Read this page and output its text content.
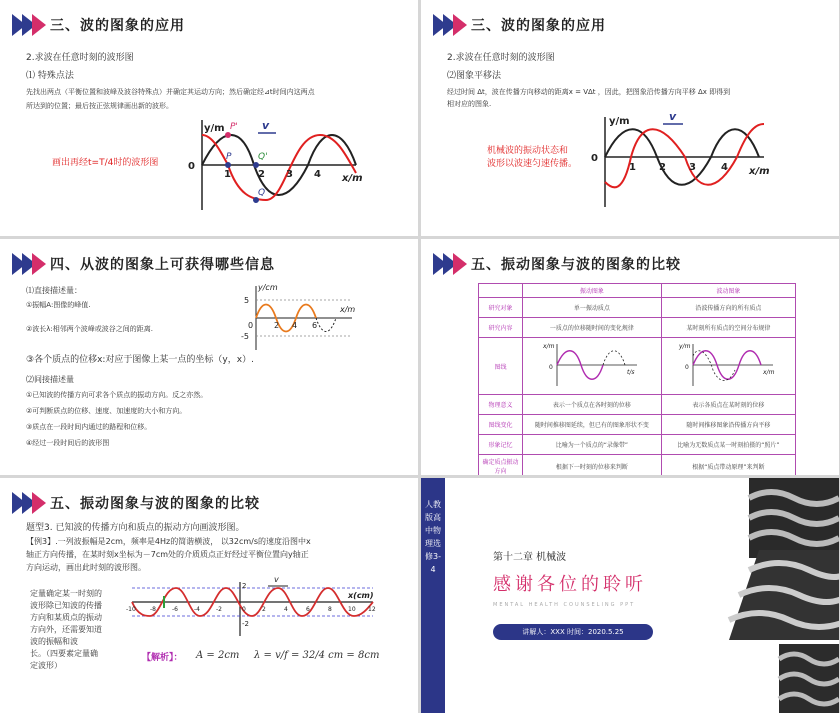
三、波的图象的应用
2.求波在任意时刻的波形图
⑴ 特殊点法
先找出两点（平衡位置和波峰及波谷特殊点）并确定其运动方向；然后确定经⊿t时间内这两点
所达到的位置；最后按正弦规律画出新的波形。
画出再经t=T/4时的波形图
y/m
x/m
v
P'
P	Q'
Q
0
1	2 3 4
三、波的图象的应用
2.求波在任意时刻的波形图
⑵图象平移法
经过时间 Δt，波在传播方向移动的距离x = VΔt ，因此，把图象沿传播方向平移 Δx 即得到
相对应的图象.
机械波的振动状态和
波形以波速匀速传播。
y/m
x/m
v
0
1 2 3	4
四、从波的图象上可获得哪些信息
⑴直接描述量：
①振幅A:图像的峰值.
②波长λ:相邻两个波峰或波谷之间的距离.
③各个质点的位移x:对应于图像上某一点的坐标（y，x）.
⑵间接描述量
①已知波的传播方向可求各个质点的振动方向。反之亦然。
②可判断质点的位移、速度、加速度的大小和方向。
③质点在一段时间内通过的路程和位移。
④经过一段时间后的波形图
y/cm
x/m
5
-5
0	2 4 6
五、振动图象与波的图象的比较
	振动图象	波动图象
研究对象	单一振动质点	沿波传播方向的所有质点
研究内容	一质点的位移随时间的变化规律	某时刻所有质点的空间分布规律
图线	x/m
t/s
0	y/m
x/m
0

物理意义	表示一个质点在各时刻的位移	表示各质点在某时刻的位移
图线变化	随时间推移图延续，但已有的图象形状不变	随时间推移图象沿传播方向平移
形象记忆	比喻为一个质点的“录像带”	比喻为无数质点某一时刻拍摄的“照片”
确定质点振动方向	根据下一时刻的位移来判断	根据“质点带动原理”来判断
五、振动图象与波的图象的比较
题型3. 已知波的传播方向和质点的振动方向画波形图。
【例3】.一列波振幅是2cm，频率是4Hz的简谐横波， 以32cm/s的速度沿图中x
轴正方向传播，在某时刻x坐标为－7cm处的介质质点正好经过平衡位置向y轴正
方向运动，画出此时刻的波形图。
定量确定某一时刻的
波形除已知波的传播
方向和某质点的振动
方向外，还需要知道
波的振幅和波
长。（四要素定量确
定波形）
v
x(cm)
2
-2
-10 -8	-6	-4	-2	0	2	4	6	8	10 12
【解析】： A = 2cm λ = v/f = 32/4 cm = 8cm
人教版高中物理选修3-4
第十二章 机械波
感谢各位的聆听
MENTAL HEALTH COUNSELING PPT
讲解人：XXX 时间：2020.5.25
